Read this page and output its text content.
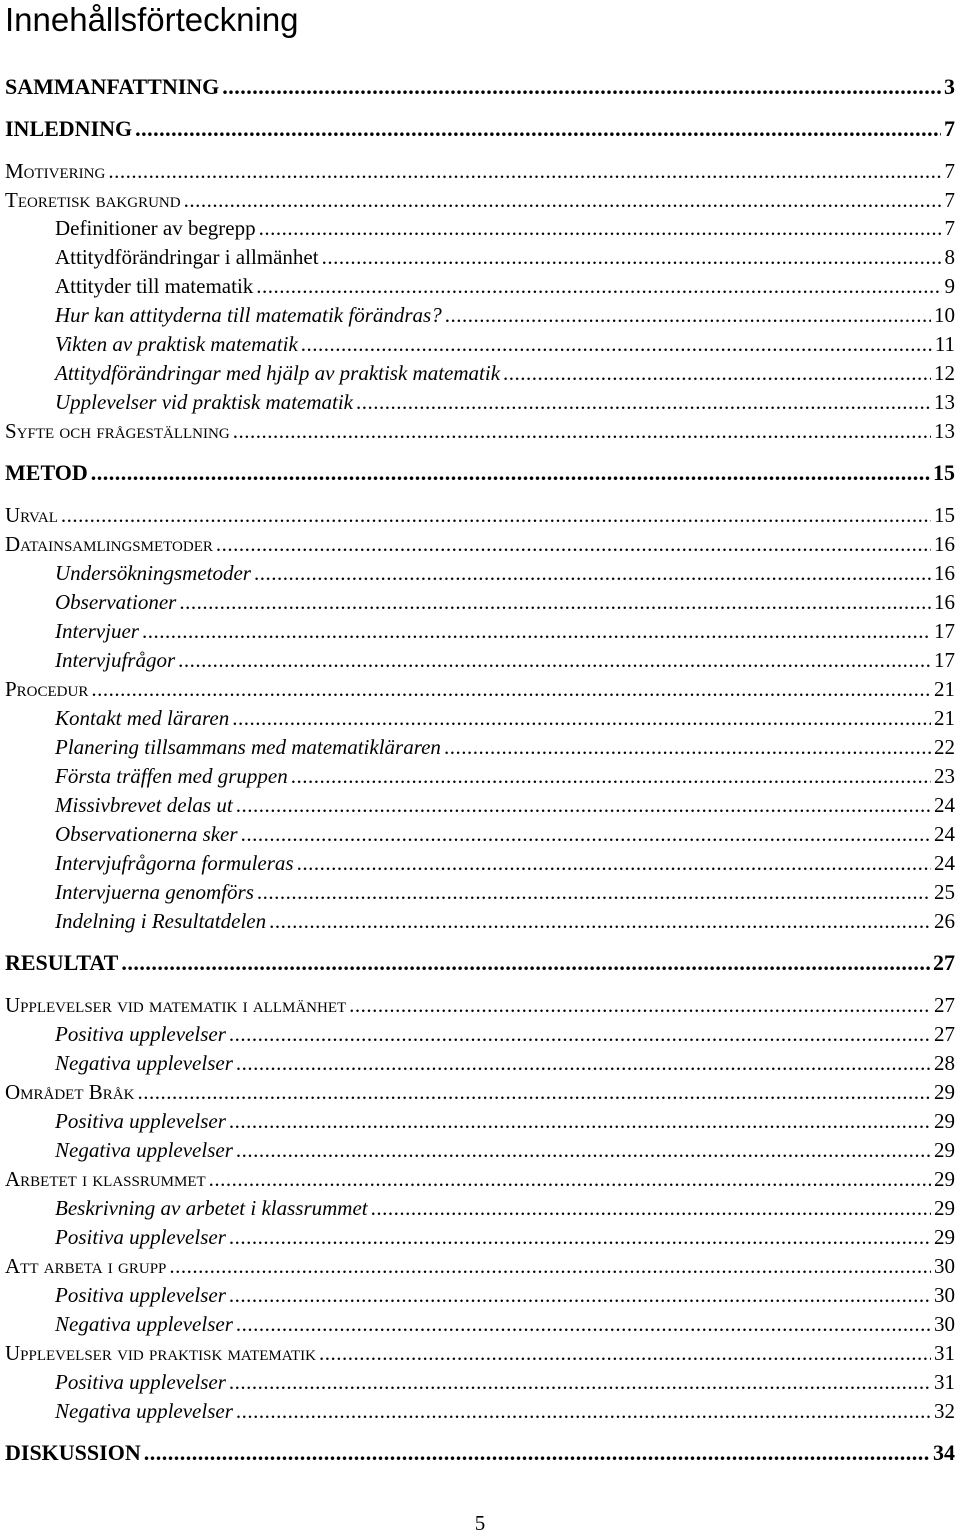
Innehållsförteckning
SAMMANFATTNING .....	3
INLEDNING .....	7
Motivering .....	7
Teoretisk bakgrund .....	7
Definitioner av begrepp .....	7
Attitydförändringar i allmänhet .....	8
Attityder till matematik .....	9
Hur kan attityderna till matematik förändras? .....	10
Vikten av praktisk matematik .....	11
Attitydförändringar med hjälp av praktisk matematik .....	12
Upplevelser vid praktisk matematik .....	13
Syfte och frågeställning .....	13
METOD .....	15
Urval .....	15
Datainsamlingsmetoder .....	16
Undersökningsmetoder .....	16
Observationer .....	16
Intervjuer .....	17
Intervjufrågor .....	17
Procedur .....	21
Kontakt med läraren .....	21
Planering tillsammans med matematikläraren .....	22
Första träffen med gruppen .....	23
Missivbrevet delas ut .....	24
Observationerna sker .....	24
Intervjufrågorna formuleras .....	24
Intervjuerna genomförs .....	25
Indelning i Resultatdelen .....	26
RESULTAT .....	27
Upplevelser vid matematik i allmänhet .....	27
Positiva upplevelser .....	27
Negativa upplevelser .....	28
Området Bråk .....	29
Positiva upplevelser .....	29
Negativa upplevelser .....	29
Arbetet i klassrummet .....	29
Beskrivning av arbetet i klassrummet .....	29
Positiva upplevelser .....	29
Att arbeta i grupp .....	30
Positiva upplevelser .....	30
Negativa upplevelser .....	30
Upplevelser vid praktisk matematik .....	31
Positiva upplevelser .....	31
Negativa upplevelser .....	32
DISKUSSION .....	34
5
